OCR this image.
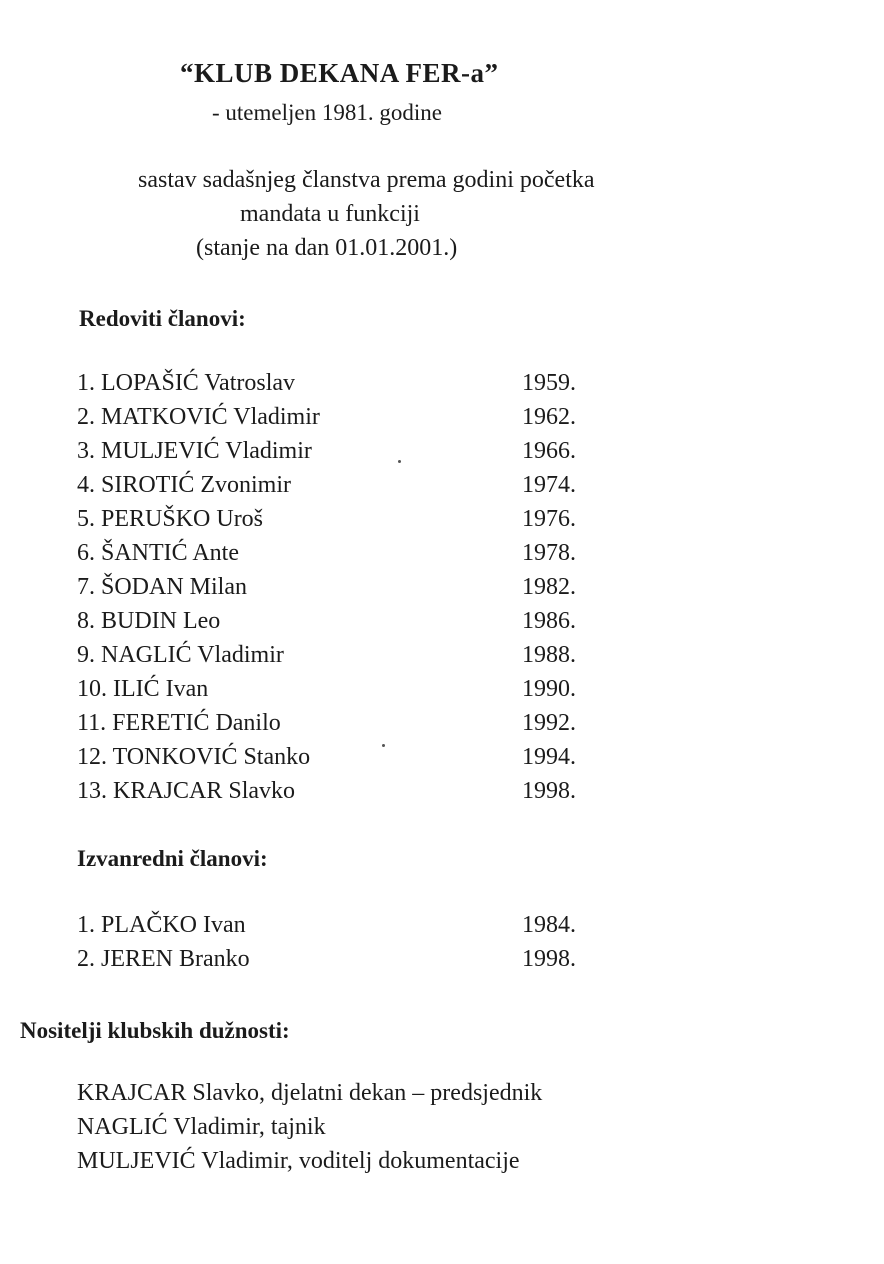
“KLUB DEKANA FER-a”
- utemeljen 1981. godine
sastav sadašnjeg članstva prema godini početka
mandata u funkciji
(stanje na dan 01.01.2001.)
Redoviti članovi:
1. LOPAŠIĆ Vatroslav	1959.
2. MATKOVIĆ Vladimir	1962.
3. MULJEVIĆ Vladimir	1966.
4. SIROTIĆ Zvonimir	1974.
5. PERUŠKO Uroš	1976.
6. ŠANTIĆ Ante	1978.
7. ŠODAN Milan	1982.
8. BUDIN Leo	1986.
9. NAGLIĆ Vladimir	1988.
10. ILIĆ Ivan	1990.
11. FERETIĆ Danilo	1992.
12. TONKOVIĆ Stanko	1994.
13. KRAJCAR Slavko	1998.
Izvanredni članovi:
1. PLAČKO Ivan	1984.
2. JEREN Branko	1998.
Nositelji klubskih dužnosti:
KRAJCAR Slavko, djelatni dekan – predsjednik
NAGLIĆ Vladimir, tajnik
MULJEVIĆ Vladimir, voditelj dokumentacije
